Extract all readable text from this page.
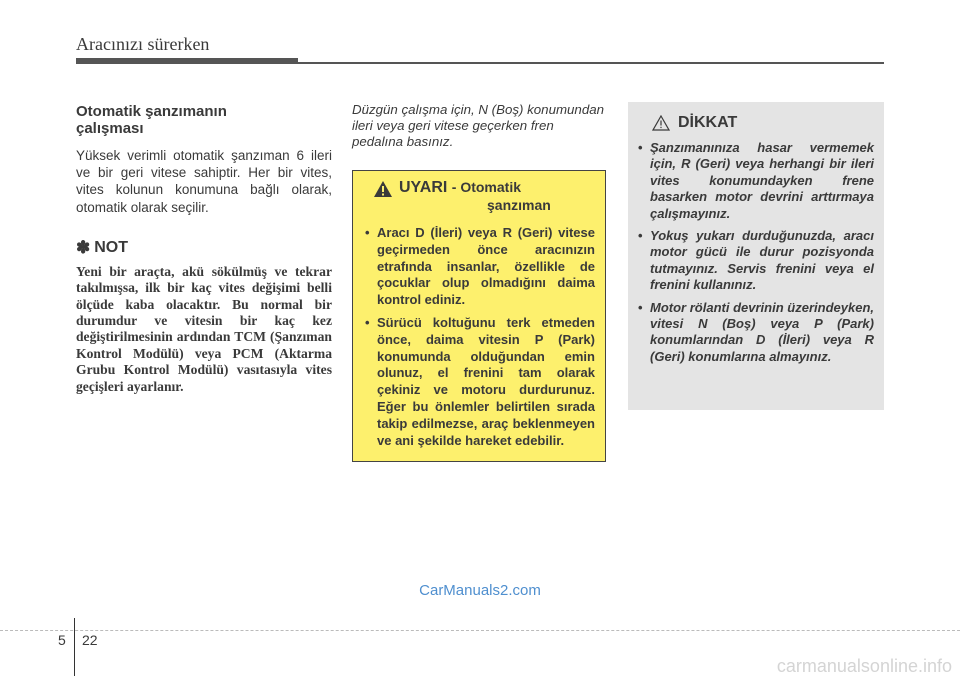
Aracınızı sürerken
Otomatik şanzımanın
çalışması

Yüksek verimli otomatik şanzıman 6 ileri ve bir geri vitese sahiptir. Her bir vites, vites kolunun konumuna bağlı olarak, otomatik olarak seçilir.

✽ NOT

Yeni bir araçta, akü sökülmüş ve tekrar takılmışsa, ilk bir kaç vites değişimi belli ölçüde kaba olacaktır. Bu normal bir durumdur ve vitesin bir kaç kez değiştirilmesinin ardından TCM (Şanzıman Kontrol Modülü) veya PCM (Aktarma Grubu Kontrol Modülü) vasıtasıyla vites geçişleri ayarlanır.

Düzgün çalışma için, N (Boş) konumundan ileri veya geri vitese geçerken fren pedalına basınız.

UYARI - Otomatik
şanzıman
• Aracı D (İleri) veya R (Geri) vitese geçirmeden önce aracınızın etrafında insanlar, özellikle de çocuklar olup olmadığını daima kontrol ediniz.
• Sürücü koltuğunu terk etmeden önce, daima vitesin P (Park) konumunda olduğundan emin olunuz, el frenini tam olarak çekiniz ve motoru durdurunuz. Eğer bu önlemler belirtilen sırada takip edilmezse, araç beklenmeyen ve ani şekilde hareket edebilir.
DİKKAT
• Şanzımanınıza hasar vermemek için, R (Geri) veya herhangi bir ileri vites konumundayken frene basarken motor devrini arttırmaya çalışmayınız.
• Yokuş yukarı durduğunuzda, aracı motor gücü ile durur pozisyonda tutmayınız. Servis frenini veya el frenini kullanınız.
• Motor rölanti devrinin üzerindeyken, vitesi N (Boş) veya P (Park) konumlarından D (İleri) veya R (Geri) konumlarına almayınız.
CarManuals2.com
5 22
carmanualsonline.info
